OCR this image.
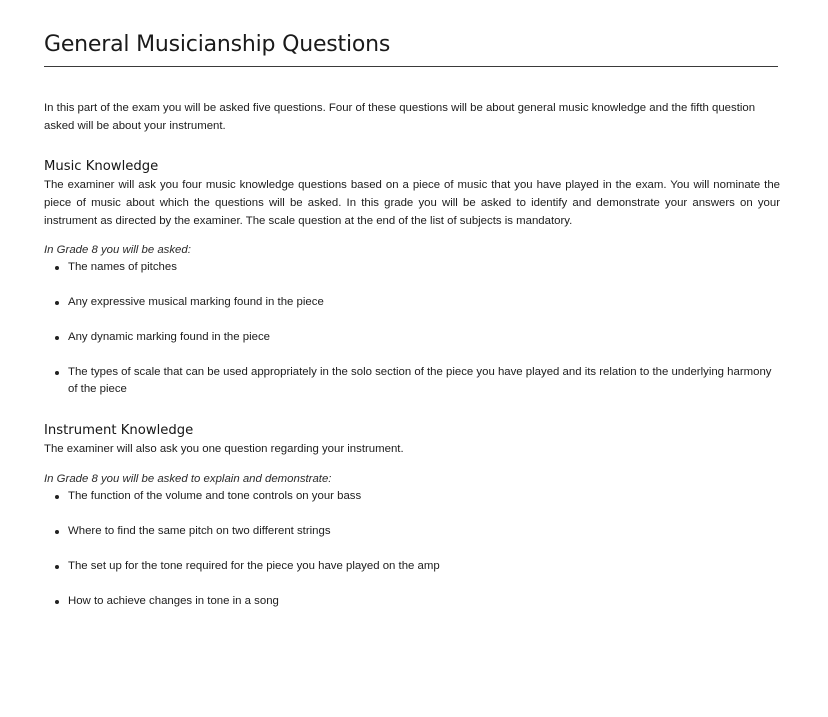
General Musicianship Questions

In this part of the exam you will be asked five questions. Four of these questions will be about general music knowledge and the fifth question asked will be about your instrument.

Music Knowledge

The examiner will ask you four music knowledge questions based on a piece of music that you have played in the exam. You will nominate the piece of music about which the questions will be asked. In this grade you will be asked to identify and demonstrate your answers on your instrument as directed by the examiner. The scale question at the end of the list of subjects is mandatory.

In Grade 8 you will be asked:

The names of pitches
Any expressive musical marking found in the piece
Any dynamic marking found in the piece
The types of scale that can be used appropriately in the solo section of the piece you have played and its relation to the underlying harmony of the piece
Instrument Knowledge

The examiner will also ask you one question regarding your instrument.

In Grade 8 you will be asked to explain and demonstrate:

The function of the volume and tone controls on your bass
Where to find the same pitch on two different strings
The set up for the tone required for the piece you have played on the amp
How to achieve changes in tone in a song
